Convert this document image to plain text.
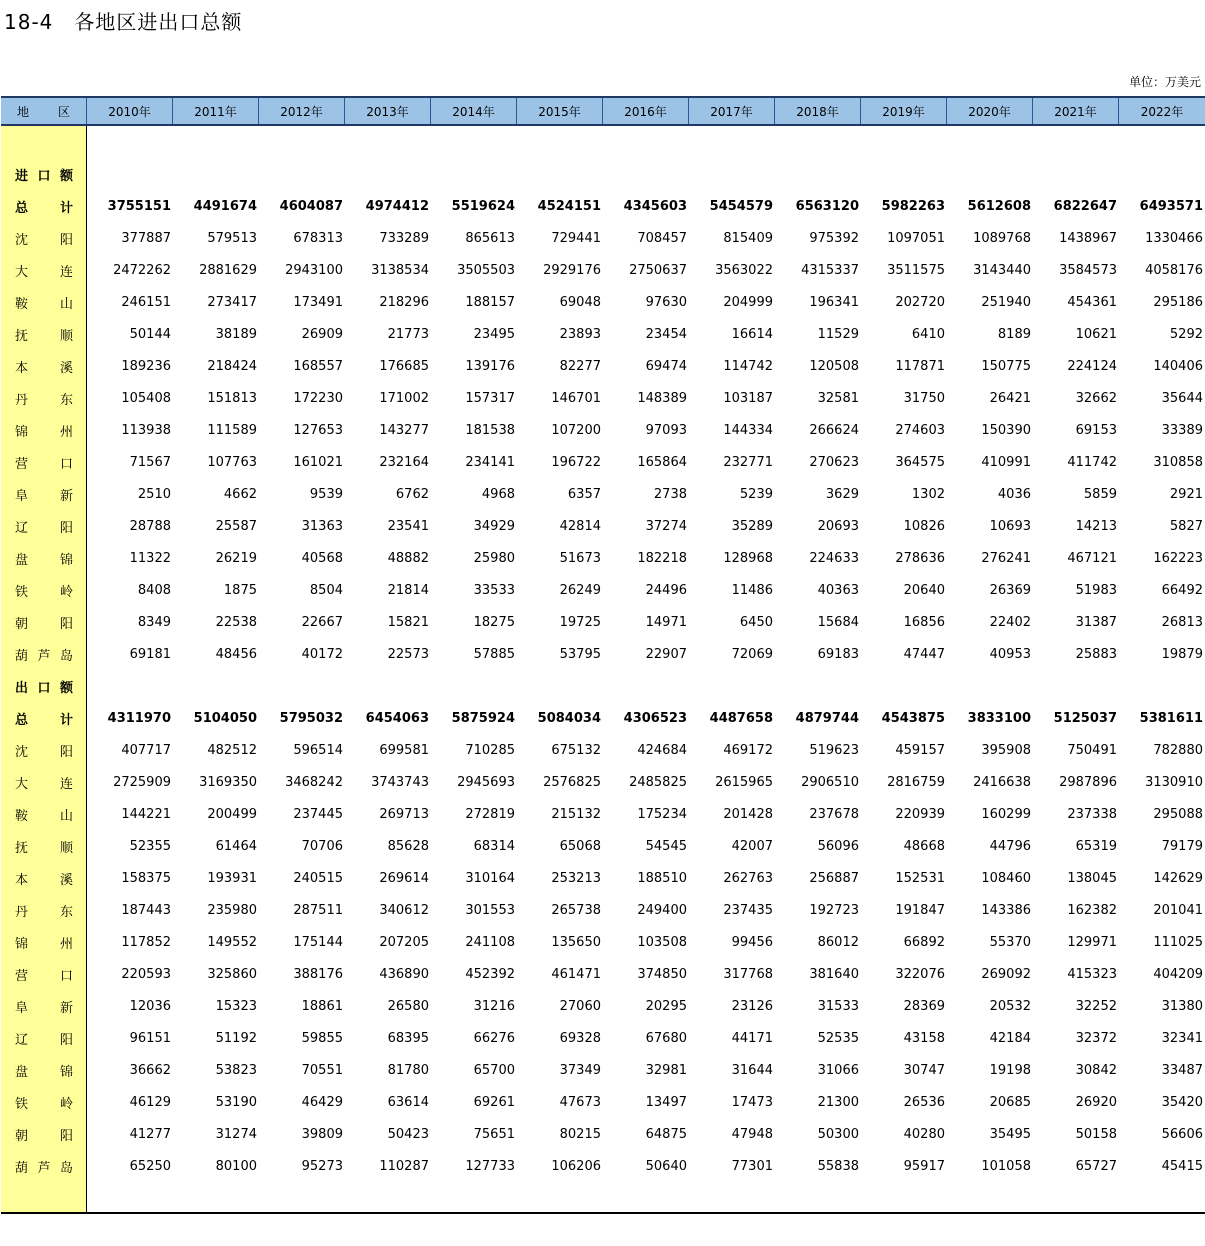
18-4　各地区进出口总额
单位：万美元
地 区	2010年	2011年	2012年	2013年	2014年	2015年	2016年	2017年	2018年	2019年	2020年	2021年	2022年
进 口 额
总 计	3755151	4491674	4604087	4974412	5519624	4524151	4345603	5454579	6563120	5982263	5612608	6822647	6493571
沈 阳	377887	579513	678313	733289	865613	729441	708457	815409	975392	1097051	1089768	1438967	1330466
大 连	2472262	2881629	2943100	3138534	3505503	2929176	2750637	3563022	4315337	3511575	3143440	3584573	4058176
鞍 山	246151	273417	173491	218296	188157	69048	97630	204999	196341	202720	251940	454361	295186
抚 顺	50144	38189	26909	21773	23495	23893	23454	16614	11529	6410	8189	10621	5292
本 溪	189236	218424	168557	176685	139176	82277	69474	114742	120508	117871	150775	224124	140406
丹 东	105408	151813	172230	171002	157317	146701	148389	103187	32581	31750	26421	32662	35644
锦 州	113938	111589	127653	143277	181538	107200	97093	144334	266624	274603	150390	69153	33389
营 口	71567	107763	161021	232164	234141	196722	165864	232771	270623	364575	410991	411742	310858
阜 新	2510	4662	9539	6762	4968	6357	2738	5239	3629	1302	4036	5859	2921
辽 阳	28788	25587	31363	23541	34929	42814	37274	35289	20693	10826	10693	14213	5827
盘 锦	11322	26219	40568	48882	25980	51673	182218	128968	224633	278636	276241	467121	162223
铁 岭	8408	1875	8504	21814	33533	26249	24496	11486	40363	20640	26369	51983	66492
朝 阳	8349	22538	22667	15821	18275	19725	14971	6450	15684	16856	22402	31387	26813
葫 芦 岛	69181	48456	40172	22573	57885	53795	22907	72069	69183	47447	40953	25883	19879
出 口 额
总 计	4311970	5104050	5795032	6454063	5875924	5084034	4306523	4487658	4879744	4543875	3833100	5125037	5381611
沈 阳	407717	482512	596514	699581	710285	675132	424684	469172	519623	459157	395908	750491	782880
大 连	2725909	3169350	3468242	3743743	2945693	2576825	2485825	2615965	2906510	2816759	2416638	2987896	3130910
鞍 山	144221	200499	237445	269713	272819	215132	175234	201428	237678	220939	160299	237338	295088
抚 顺	52355	61464	70706	85628	68314	65068	54545	42007	56096	48668	44796	65319	79179
本 溪	158375	193931	240515	269614	310164	253213	188510	262763	256887	152531	108460	138045	142629
丹 东	187443	235980	287511	340612	301553	265738	249400	237435	192723	191847	143386	162382	201041
锦 州	117852	149552	175144	207205	241108	135650	103508	99456	86012	66892	55370	129971	111025
营 口	220593	325860	388176	436890	452392	461471	374850	317768	381640	322076	269092	415323	404209
阜 新	12036	15323	18861	26580	31216	27060	20295	23126	31533	28369	20532	32252	31380
辽 阳	96151	51192	59855	68395	66276	69328	67680	44171	52535	43158	42184	32372	32341
盘 锦	36662	53823	70551	81780	65700	37349	32981	31644	31066	30747	19198	30842	33487
铁 岭	46129	53190	46429	63614	69261	47673	13497	17473	21300	26536	20685	26920	35420
朝 阳	41277	31274	39809	50423	75651	80215	64875	47948	50300	40280	35495	50158	56606
葫 芦 岛	65250	80100	95273	110287	127733	106206	50640	77301	55838	95917	101058	65727	45415
